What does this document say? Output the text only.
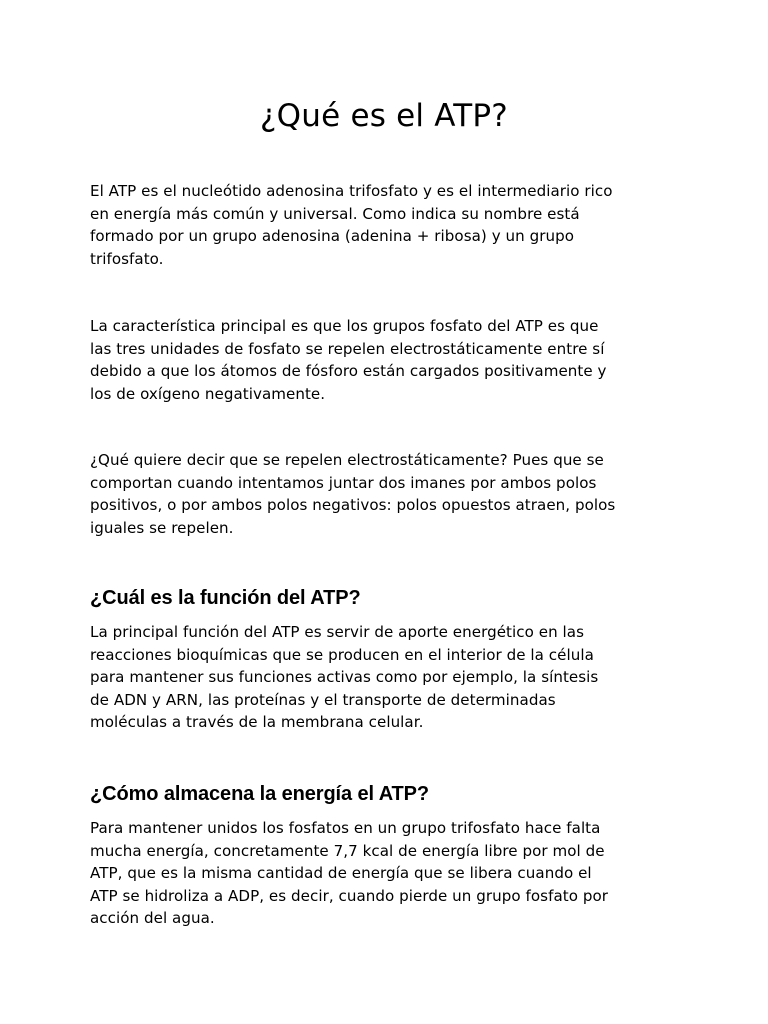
¿Qué es el ATP?

El ATP es el nucleótido adenosina trifosfato y es el intermediario rico
en energía más común y universal. Como indica su nombre está
formado por un grupo adenosina (adenina + ribosa) y un grupo
trifosfato.

La característica principal es que los grupos fosfato del ATP es que
las tres unidades de fosfato se repelen electrostáticamente entre sí
debido a que los átomos de fósforo están cargados positivamente y
los de oxígeno negativamente.

¿Qué quiere decir que se repelen electrostáticamente? Pues que se
comportan cuando intentamos juntar dos imanes por ambos polos
positivos, o por ambos polos negativos: polos opuestos atraen, polos
iguales se repelen.

¿Cuál es la función del ATP?

La principal función del ATP es servir de aporte energético en las
reacciones bioquímicas que se producen en el interior de la célula
para mantener sus funciones activas como por ejemplo, la síntesis
de ADN y ARN, las proteínas y el transporte de determinadas
moléculas a través de la membrana celular.

¿Cómo almacena la energía el ATP?

Para mantener unidos los fosfatos en un grupo trifosfato hace falta
mucha energía, concretamente 7,7 kcal de energía libre por mol de
ATP, que es la misma cantidad de energía que se libera cuando el
ATP se hidroliza a ADP, es decir, cuando pierde un grupo fosfato por
acción del agua.
